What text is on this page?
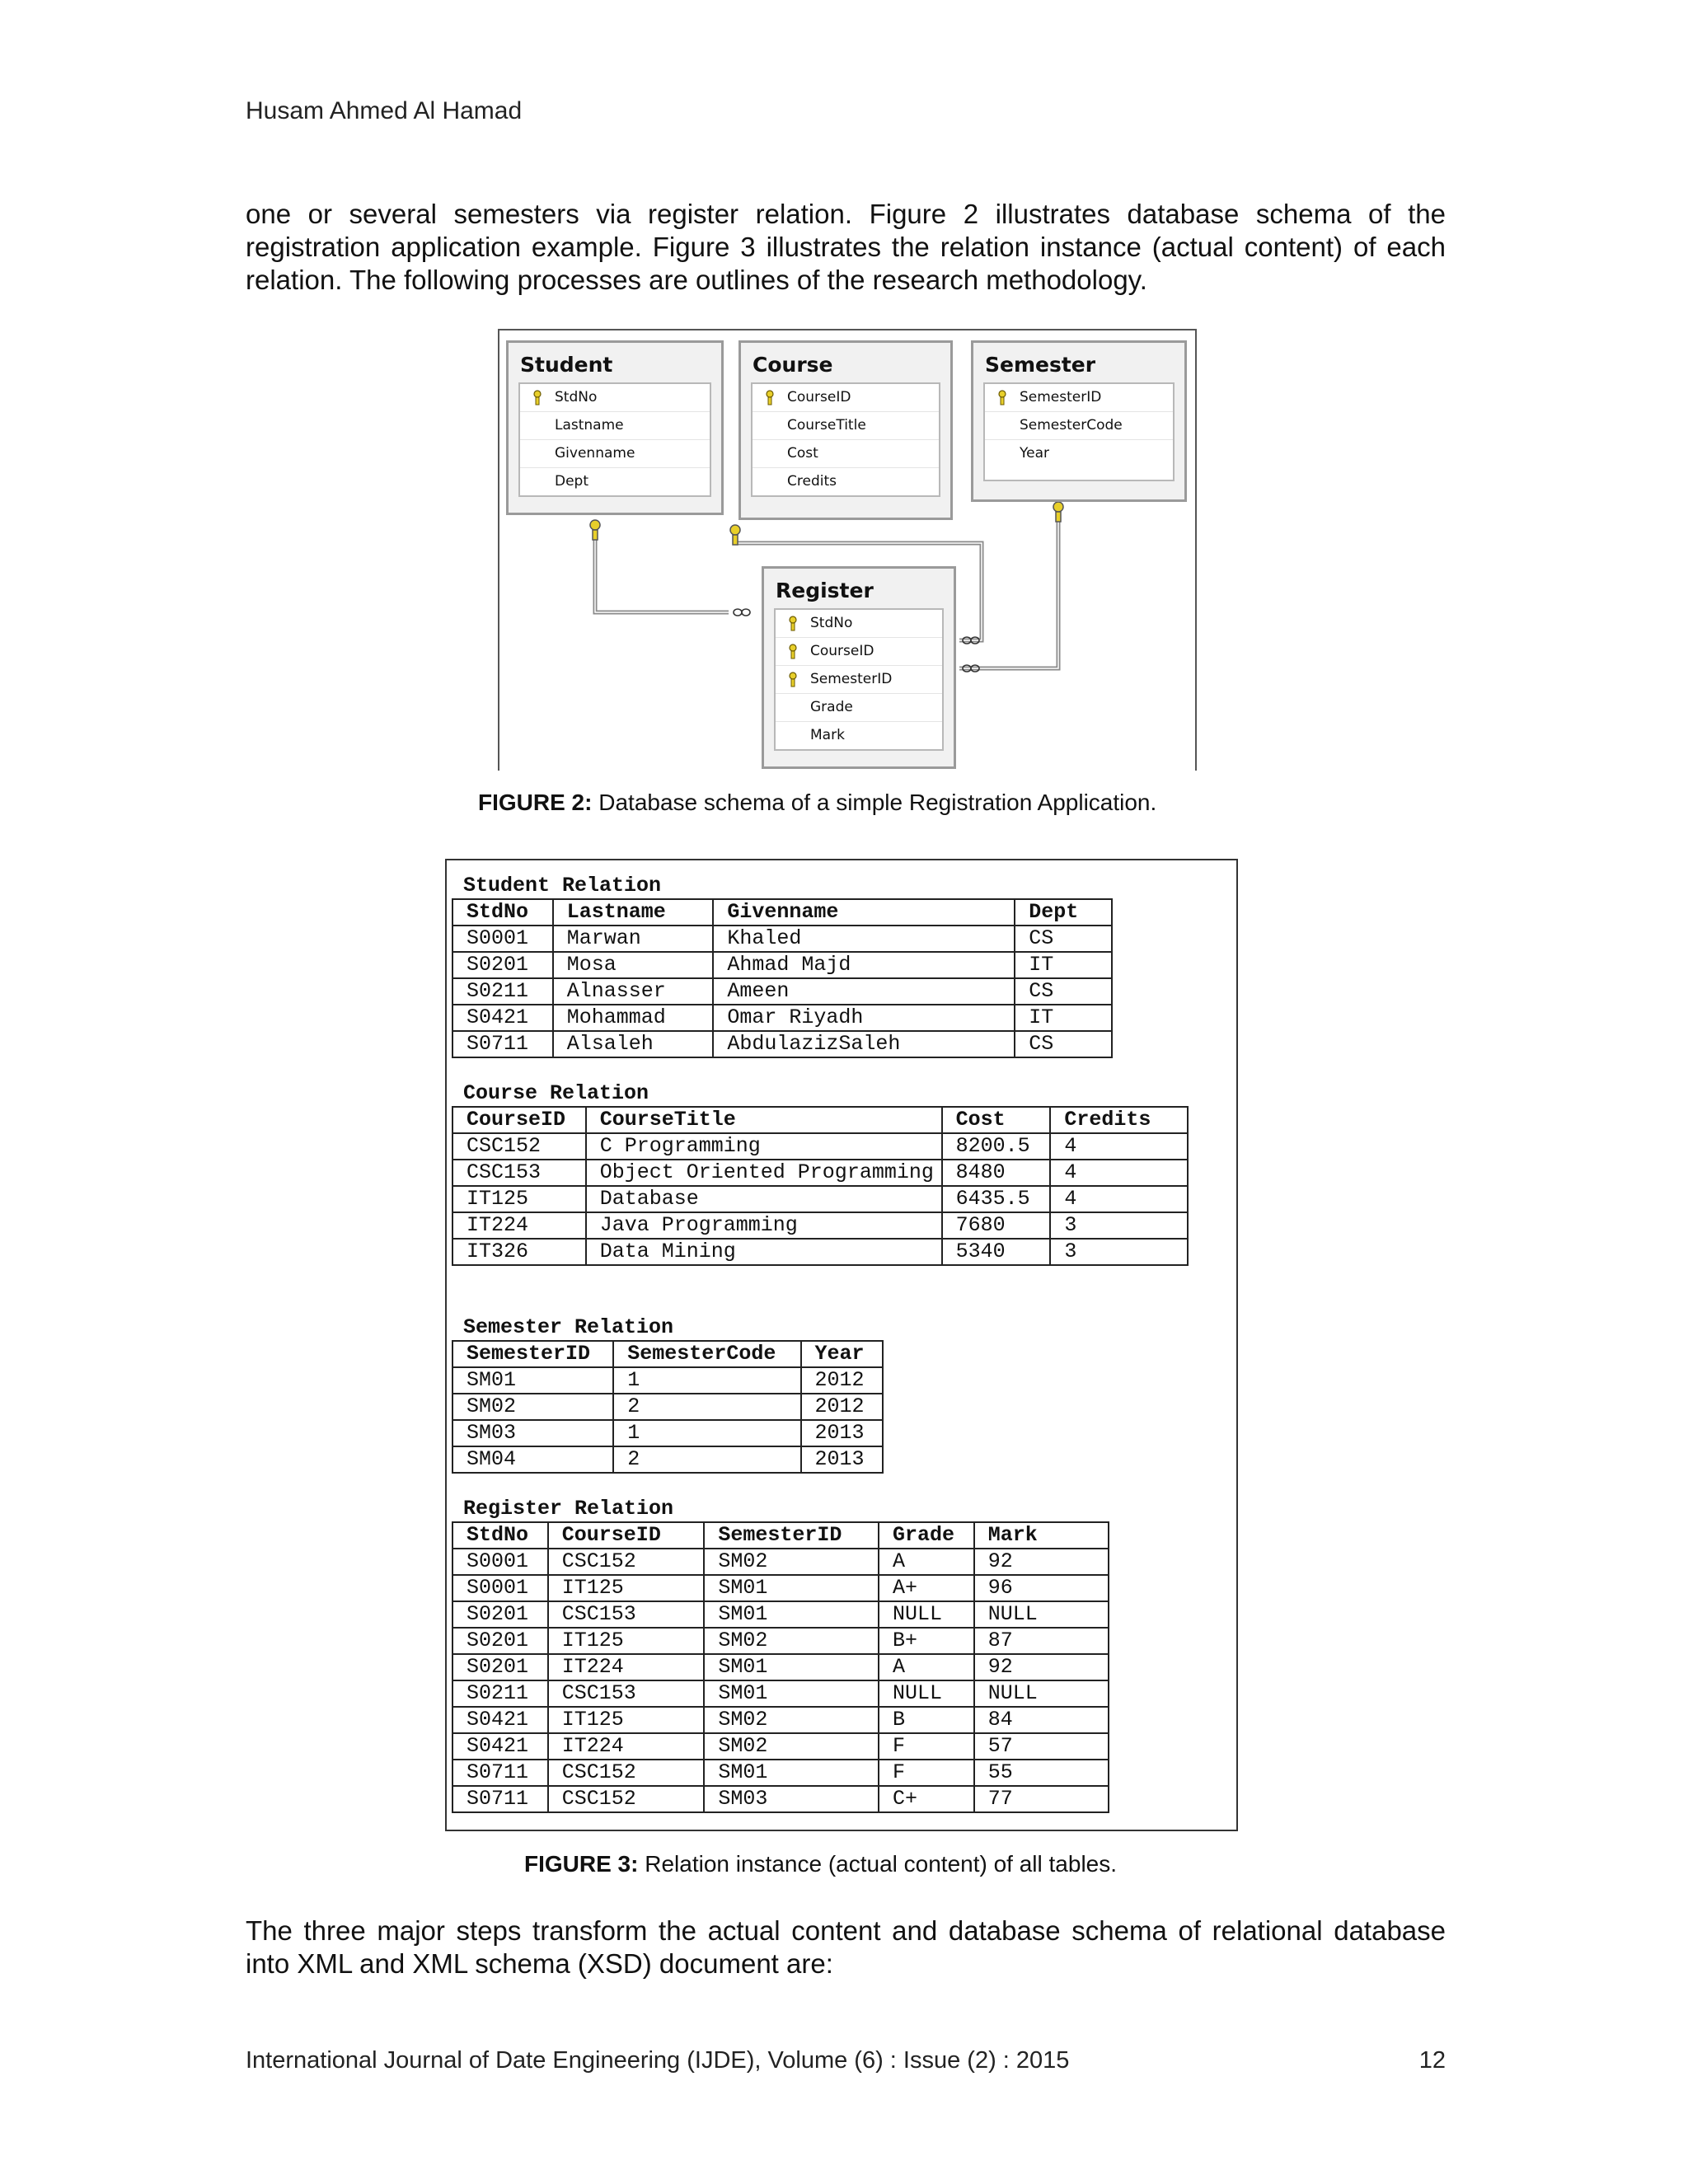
Husam Ahmed Al Hamad
one or several semesters via register relation. Figure 2 illustrates database schema of the registration application example. Figure 3 illustrates the relation instance (actual content) of each relation. The following processes are outlines of the research methodology.
Student
StdNo
Lastname
Givenname
Dept
Course
CourseID
CourseTitle
Cost
Credits
Semester
SemesterID
SemesterCode
Year
Register
StdNo
CourseID
SemesterID
Grade
Mark
FIGURE 2: Database schema of a simple Registration Application.
Student Relation
StdNo	Lastname	Givenname	Dept
S0001	Marwan	Khaled	CS
S0201	Mosa	Ahmad Majd	IT
S0211	Alnasser	Ameen	CS
S0421	Mohammad	Omar Riyadh	IT
S0711	Alsaleh	AbdulazizSaleh	CS
Course Relation
CourseID	CourseTitle	Cost	Credits
CSC152	C Programming	8200.5	4
CSC153	Object Oriented Programming	8480	4
IT125	Database	6435.5	4
IT224	Java Programming	7680	3
IT326	Data Mining	5340	3
Semester Relation
SemesterID	SemesterCode	Year
SM01	1	2012
SM02	2	2012
SM03	1	2013
SM04	2	2013
Register Relation
StdNo	CourseID	SemesterID	Grade	Mark
S0001	CSC152	SM02	A	92
S0001	IT125	SM01	A+	96
S0201	CSC153	SM01	NULL	NULL
S0201	IT125	SM02	B+	87
S0201	IT224	SM01	A	92
S0211	CSC153	SM01	NULL	NULL
S0421	IT125	SM02	B	84
S0421	IT224	SM02	F	57
S0711	CSC152	SM01	F	55
S0711	CSC152	SM03	C+	77
FIGURE 3: Relation instance (actual content) of all tables.
The three major steps transform the actual content and database schema of relational database into XML and XML schema (XSD) document are:
International Journal of Date Engineering (IJDE), Volume (6) : Issue (2) : 2015	12
